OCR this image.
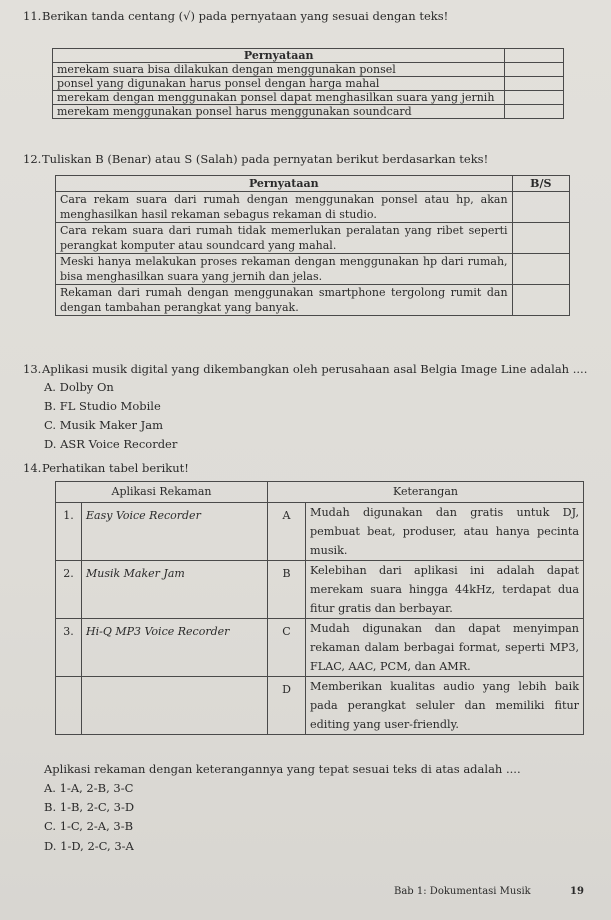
11. Berikan tanda centang (√) pada pernyataan yang sesuai dengan teks!
Pernyataan	
merekam suara bisa dilakukan dengan menggunakan ponsel	
ponsel yang digunakan harus ponsel dengan harga mahal	
merekam dengan menggunakan ponsel dapat menghasilkan suara yang jernih	
merekam menggunakan ponsel harus menggunakan soundcard	
12. Tuliskan B (Benar) atau S (Salah) pada pernyatan berikut berdasarkan teks!
Pernyataan	B/S
Cara rekam suara dari rumah dengan menggunakan ponsel atau hp, akan menghasilkan hasil rekaman sebagus rekaman di studio.	
Cara rekam suara dari rumah tidak memerlukan peralatan yang ribet seperti perangkat komputer atau soundcard yang mahal.	
Meski hanya melakukan proses rekaman dengan menggunakan hp dari rumah, bisa menghasilkan suara yang jernih dan jelas.	
Rekaman dari rumah dengan menggunakan smartphone tergolong rumit dan dengan tambahan perangkat yang banyak.	
13. Aplikasi musik digital yang dikembangkan oleh perusahaan asal Belgia Image Line adalah ....
A. Dolby On
B. FL Studio Mobile
C. Musik Maker Jam
D. ASR Voice Recorder
14. Perhatikan tabel berikut!
Aplikasi Rekaman		Keterangan	
1.	Easy Voice Recorder	A	Mudah digunakan dan gratis untuk DJ, pembuat beat, produser, atau hanya pecinta musik.
2.	Musik Maker Jam	B	Kelebihan dari aplikasi ini adalah dapat merekam suara hingga 44kHz, terdapat dua fitur gratis dan berbayar.
3.	Hi-Q MP3 Voice Recorder	C	Mudah digunakan dan dapat menyimpan rekaman dalam berbagai format, seperti MP3, FLAC, AAC, PCM, dan AMR.
		D	Memberikan kualitas audio yang lebih baik pada perangkat seluler dan memiliki fitur editing yang user-friendly.
Aplikasi rekaman dengan keterangannya yang tepat sesuai teks di atas adalah ....
A. 1-A, 2-B, 3-C
B. 1-B, 2-C, 3-D
C. 1-C, 2-A, 3-B
D. 1-D, 2-C, 3-A
Bab 1: Dokumentasi Musik	19
